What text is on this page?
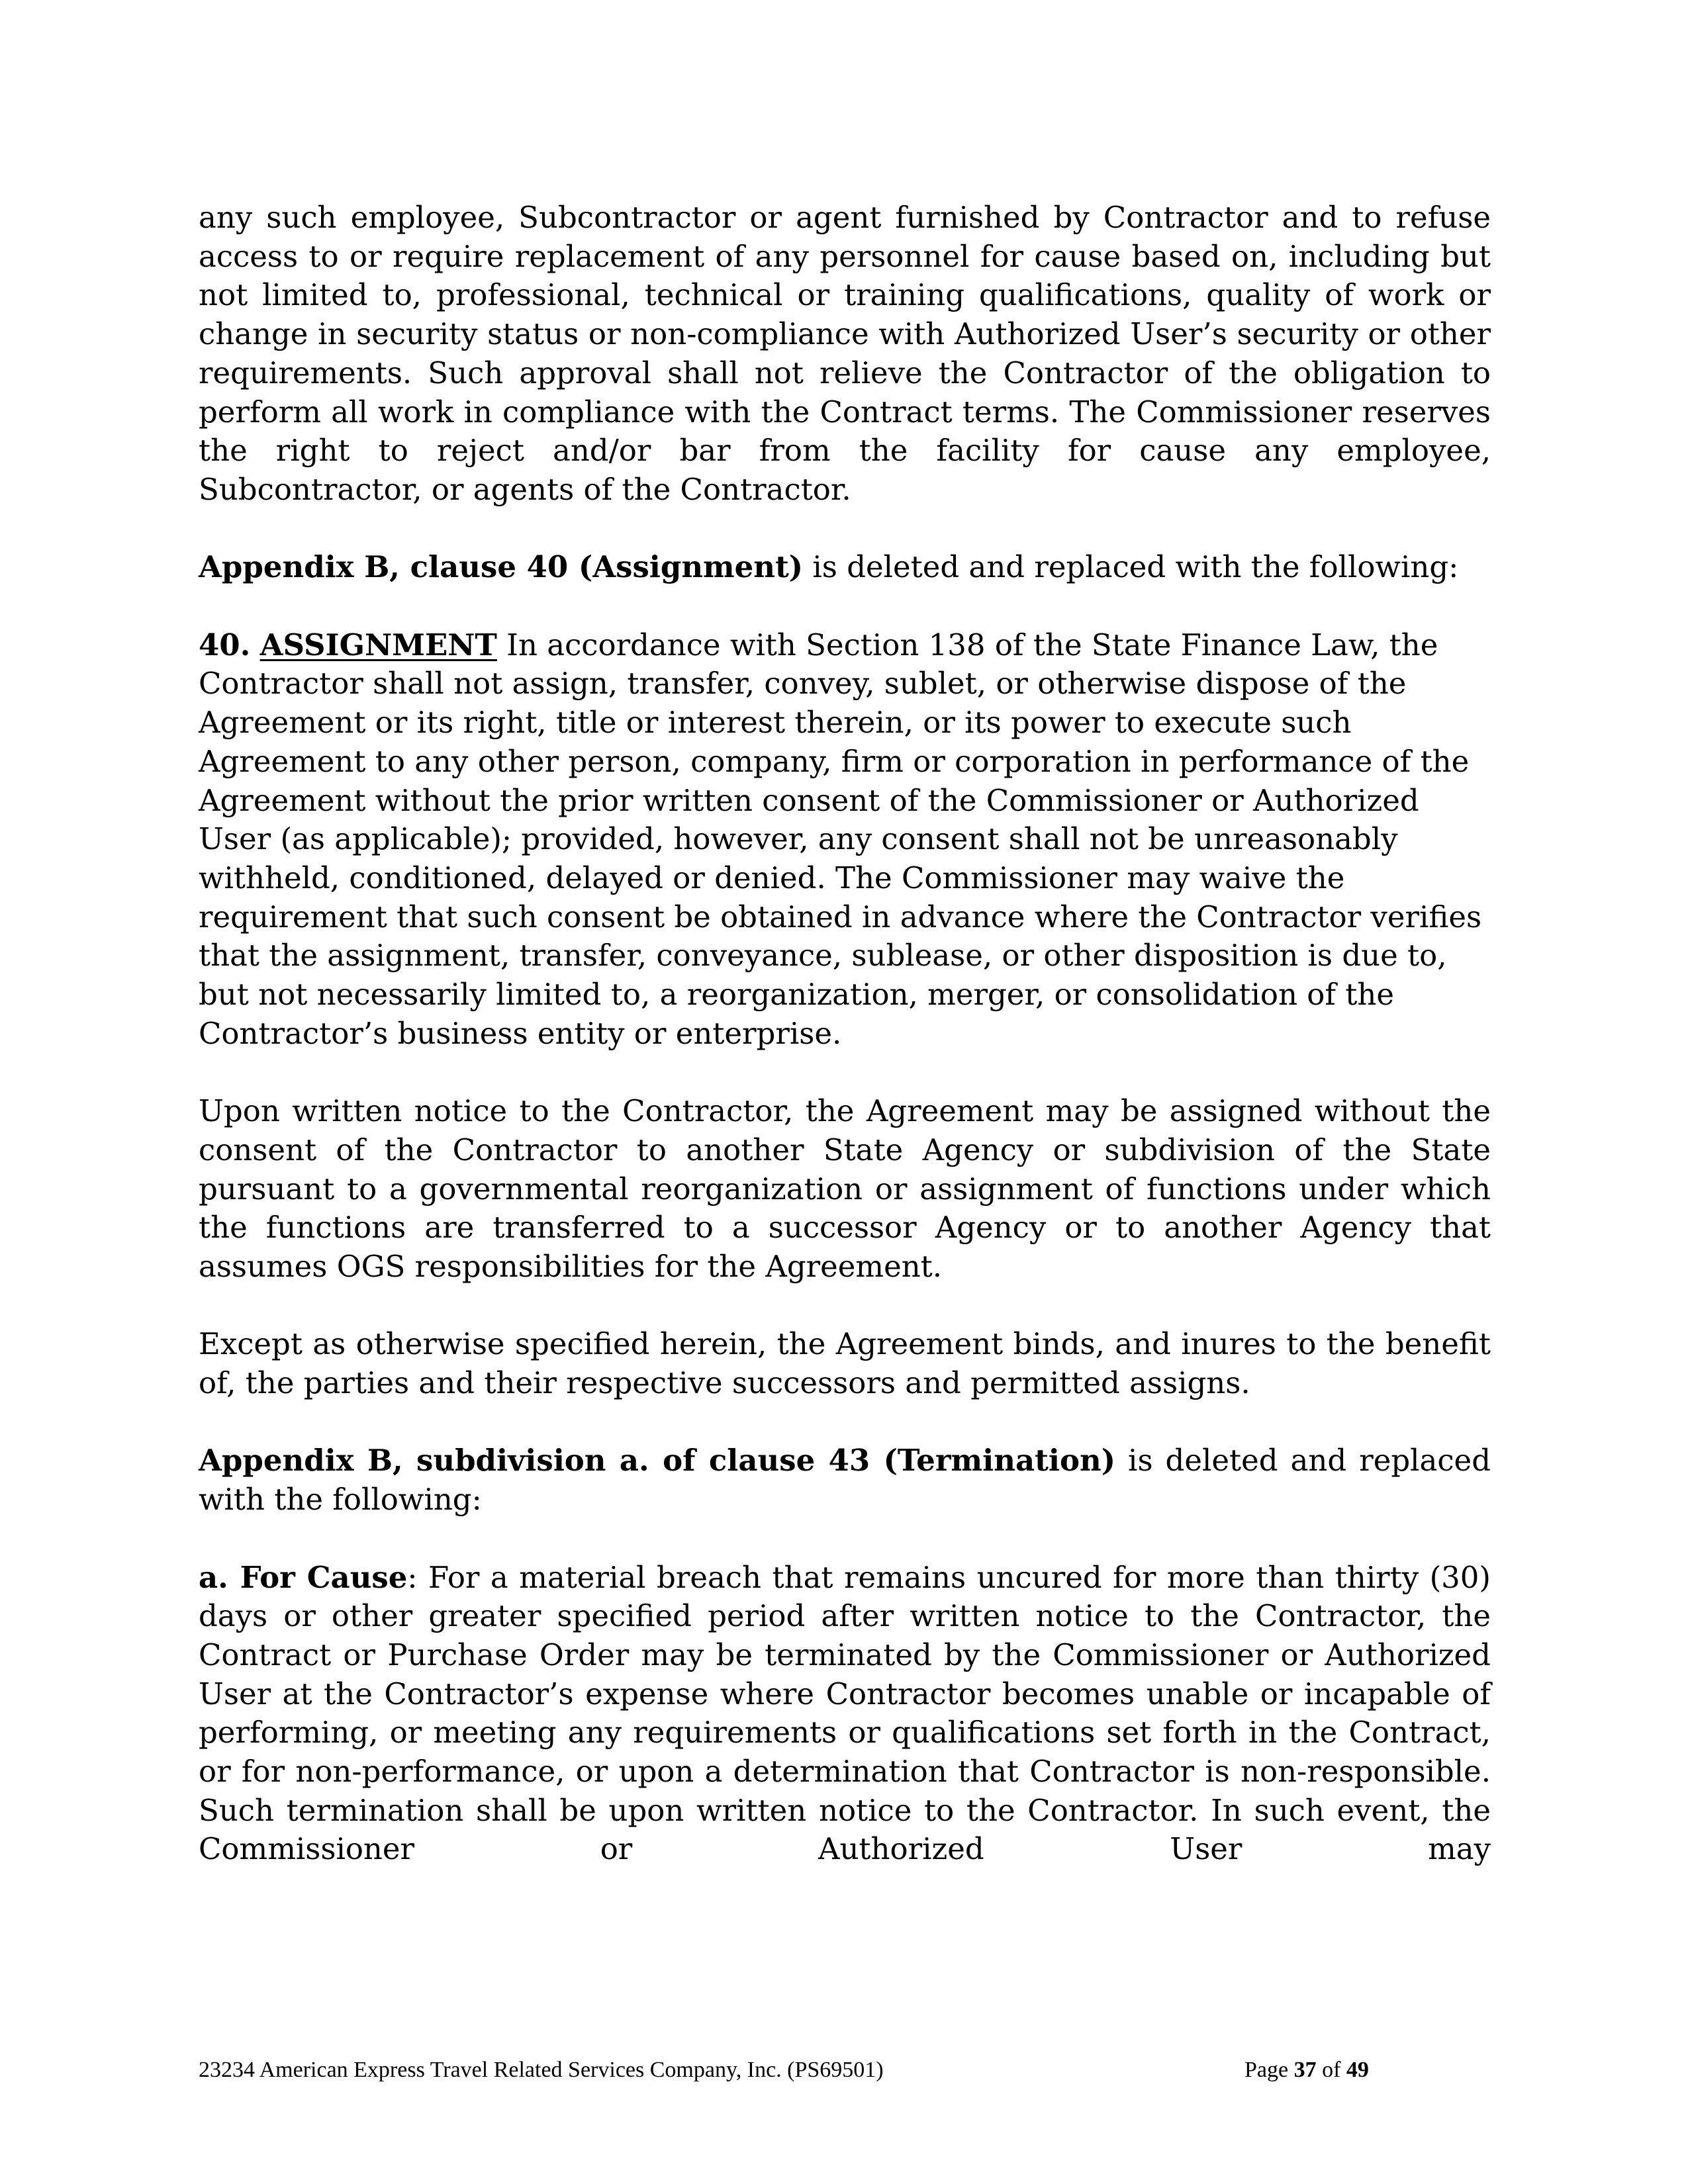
any such employee, Subcontractor or agent furnished by Contractor and to refuse access to or require replacement of any personnel for cause based on, including but not limited to, professional, technical or training qualifications, quality of work or change in security status or non-compliance with Authorized User’s security or other requirements. Such approval shall not relieve the Contractor of the obligation to perform all work in compliance with the Contract terms. The Commissioner reserves the right to reject and/or bar from the facility for cause any employee, Subcontractor, or agents of the Contractor.

Appendix B, clause 40 (Assignment) is deleted and replaced with the following:

40. ASSIGNMENT In accordance with Section 138 of the State Finance Law, the Contractor shall not assign, transfer, convey, sublet, or otherwise dispose of the Agreement or its right, title or interest therein, or its power to execute such Agreement to any other person, company, firm or corporation in performance of the Agreement without the prior written consent of the Commissioner or Authorized User (as applicable); provided, however, any consent shall not be unreasonably withheld, conditioned, delayed or denied. The Commissioner may waive the requirement that such consent be obtained in advance where the Contractor verifies that the assignment, transfer, conveyance, sublease, or other disposition is due to, but not necessarily limited to, a reorganization, merger, or consolidation of the Contractor’s business entity or enterprise.

Upon written notice to the Contractor, the Agreement may be assigned without the consent of the Contractor to another State Agency or subdivision of the State pursuant to a governmental reorganization or assignment of functions under which the functions are transferred to a successor Agency or to another Agency that assumes OGS responsibilities for the Agreement.

Except as otherwise specified herein, the Agreement binds, and inures to the benefit of, the parties and their respective successors and permitted assigns.

Appendix B, subdivision a. of clause 43 (Termination) is deleted and replaced with the following:

a. For Cause: For a material breach that remains uncured for more than thirty (30) days or other greater specified period after written notice to the Contractor, the Contract or Purchase Order may be terminated by the Commissioner or Authorized User at the Contractor’s expense where Contractor becomes unable or incapable of performing, or meeting any requirements or qualifications set forth in the Contract, or for non-performance, or upon a determination that Contractor is non-responsible. Such termination shall be upon written notice to the Contractor. In such event, the Commissioner or Authorized User may

23234 American Express Travel Related Services Company, Inc. (PS69501)	Page 37 of 49
